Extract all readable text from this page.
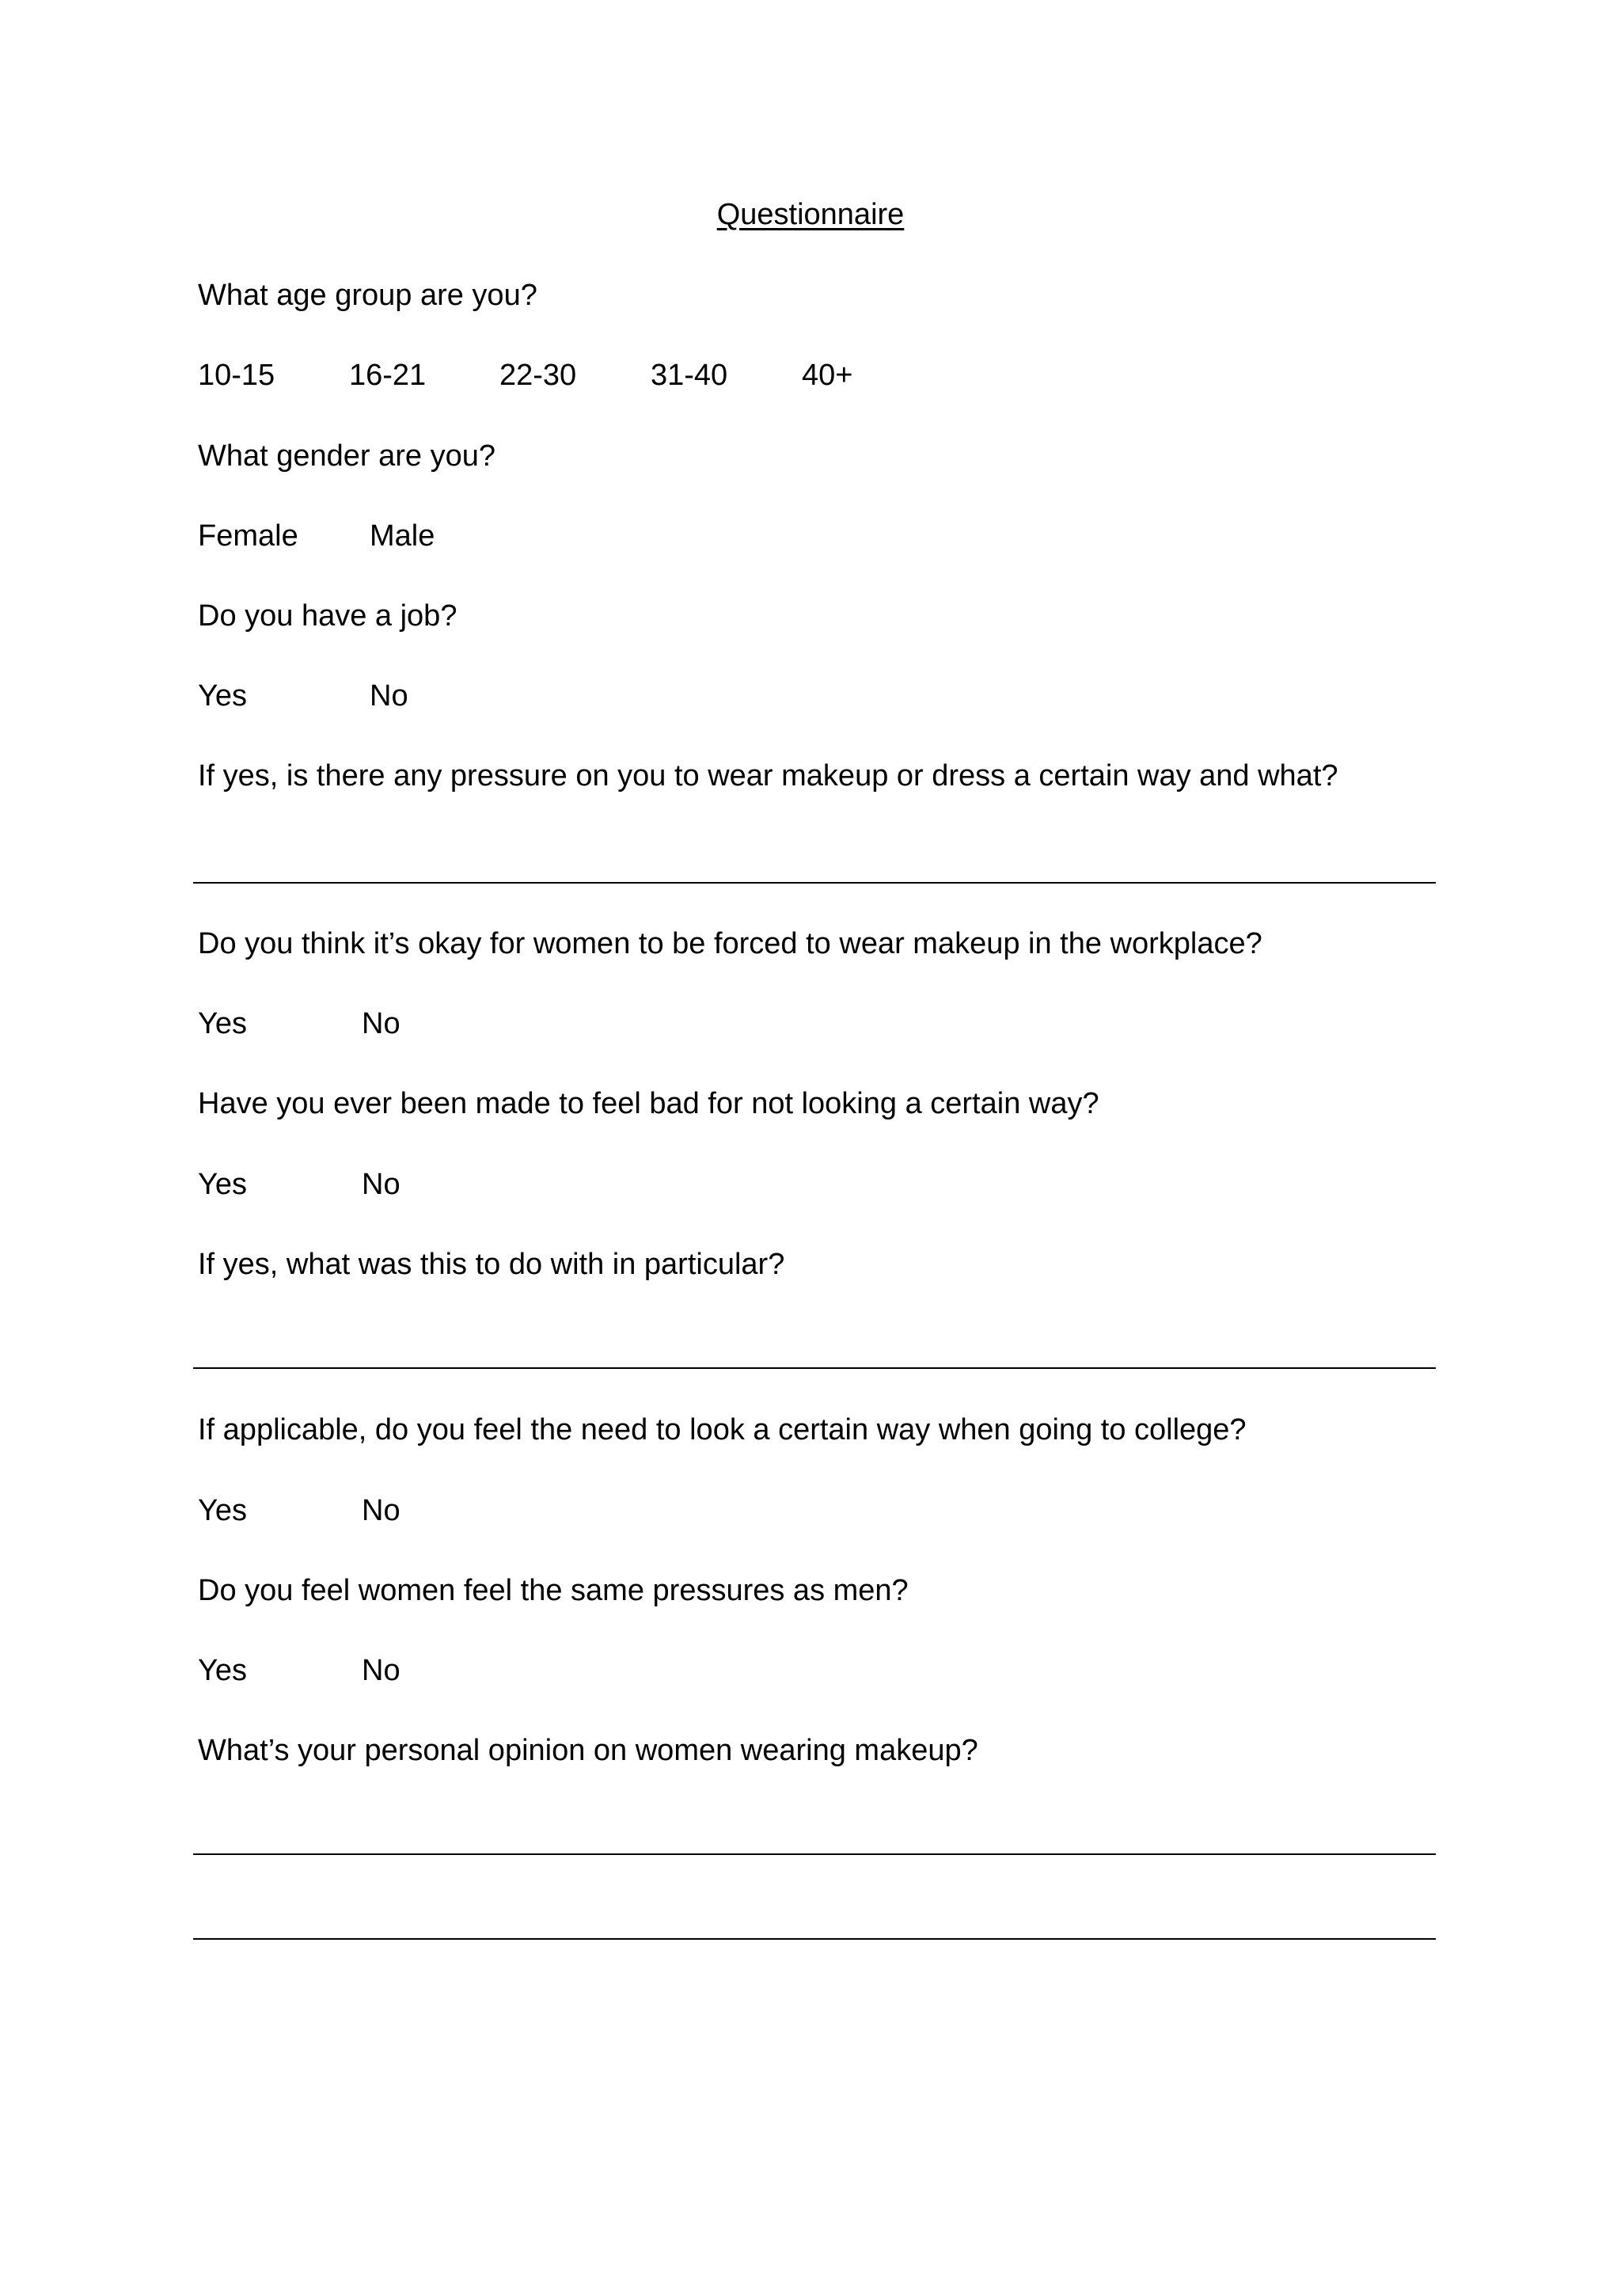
Questionnaire
What age group are you?
10-15 16-21 22-30 31-40 40+
What gender are you?
Female Male
Do you have a job?
Yes	No
If yes, is there any pressure on you to wear makeup or dress a certain way and what?
Do you think it’s okay for women to be forced to wear makeup in the workplace?
Yes	No
Have you ever been made to feel bad for not looking a certain way?
Yes	No
If yes, what was this to do with in particular?
If applicable, do you feel the need to look a certain way when going to college?
Yes	No
Do you feel women feel the same pressures as men?
Yes	No
What’s your personal opinion on women wearing makeup?
